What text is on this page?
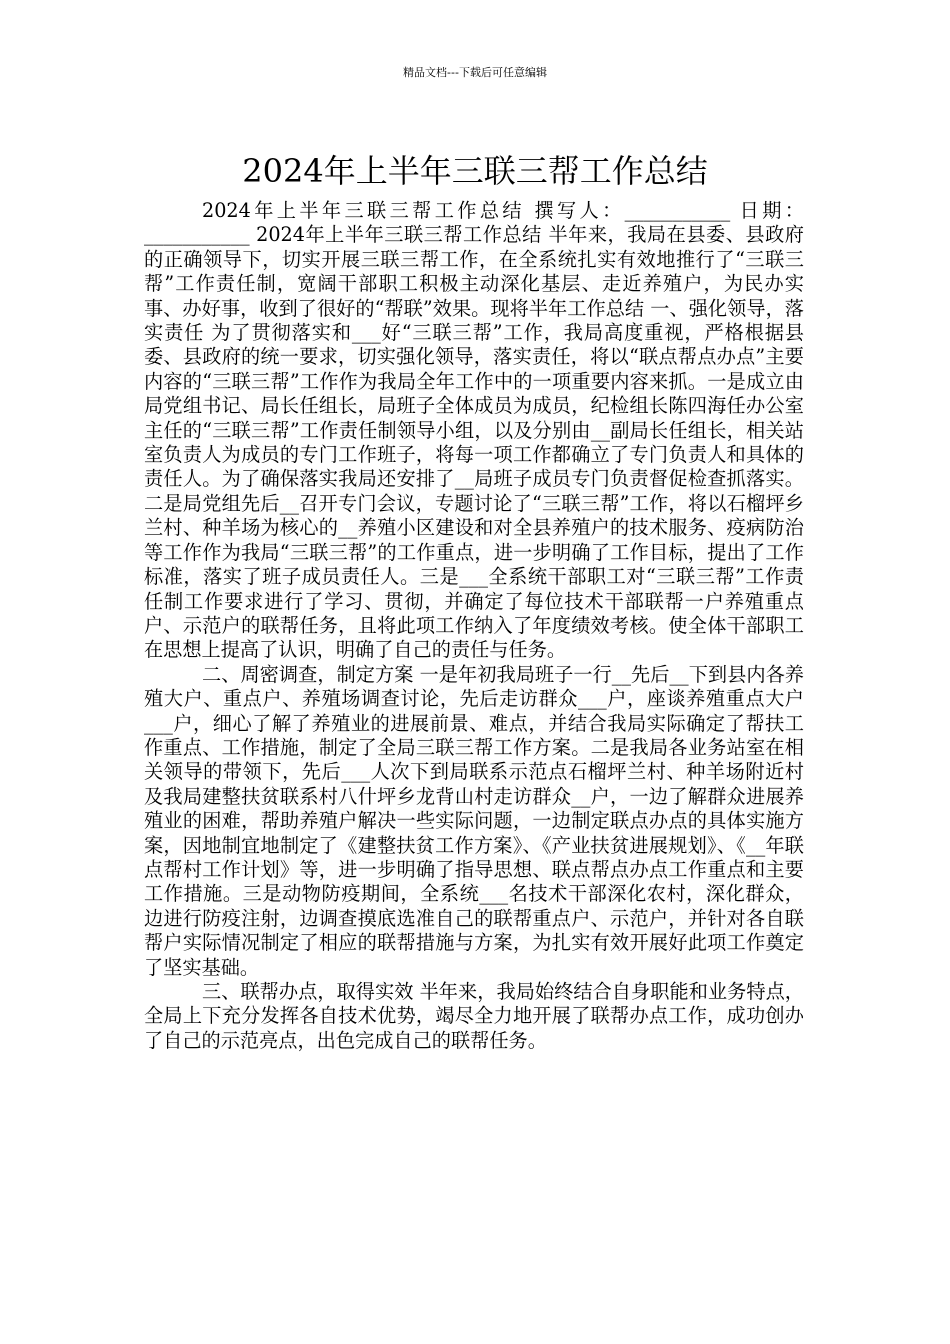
精品文档---下载后可任意编辑
2024年上半年三联三帮工作总结

2024年上半年三联三帮工作总结 撰写人：___________ 日期：___________ 2024年上半年三联三帮工作总结 半年来，我局在县委、县政府的正确领导下，切实开展三联三帮工作，在全系统扎实有效地推行了“三联三帮”工作责任制，宽阔干部职工积极主动深化基层、走近养殖户，为民办实事、办好事，收到了很好的“帮联”效果。现将半年工作总结 一、强化领导，落实责任 为了贯彻落实和___好“三联三帮”工作，我局高度重视，严格根据县委、县政府的统一要求，切实强化领导，落实责任，将以“联点帮点办点”主要内容的“三联三帮”工作作为我局全年工作中的一项重要内容来抓。一是成立由局党组书记、局长任组长，局班子全体成员为成员，纪检组长陈四海任办公室主任的“三联三帮”工作责任制领导小组，以及分别由__副局长任组长，相关站室负责人为成员的专门工作班子，将每一项工作都确立了专门负责人和具体的责任人。为了确保落实我局还安排了__局班子成员专门负责督促检查抓落实。二是局党组先后__召开专门会议，专题讨论了“三联三帮”工作，将以石榴坪乡兰村、种羊场为核心的__养殖小区建设和对全县养殖户的技术服务、疫病防治等工作作为我局“三联三帮”的工作重点，进一步明确了工作目标，提出了工作标准，落实了班子成员责任人。三是___全系统干部职工对“三联三帮”工作责任制工作要求进行了学习、贯彻，并确定了每位技术干部联帮一户养殖重点户、示范户的联帮任务，且将此项工作纳入了年度绩效考核。使全体干部职工在思想上提高了认识，明确了自己的责任与任务。

二、周密调查，制定方案 一是年初我局班子一行__先后__下到县内各养殖大户、重点户、养殖场调查讨论，先后走访群众___户，座谈养殖重点大户___户，细心了解了养殖业的进展前景、难点，并结合我局实际确定了帮扶工作重点、工作措施，制定了全局三联三帮工作方案。二是我局各业务站室在相关领导的带领下，先后___人次下到局联系示范点石榴坪兰村、种羊场附近村及我局建整扶贫联系村八什坪乡龙背山村走访群众__户，一边了解群众进展养殖业的困难，帮助养殖户解决一些实际问题，一边制定联点办点的具体实施方案，因地制宜地制定了《建整扶贫工作方案》、《产业扶贫进展规划》、《__年联点帮村工作计划》等，进一步明确了指导思想、联点帮点办点工作重点和主要工作措施。三是动物防疫期间，全系统___名技术干部深化农村，深化群众，边进行防疫注射，边调查摸底选准自己的联帮重点户、示范户，并针对各自联帮户实际情况制定了相应的联帮措施与方案，为扎实有效开展好此项工作奠定了坚实基础。

三、联帮办点，取得实效 半年来，我局始终结合自身职能和业务特点，全局上下充分发挥各自技术优势，竭尽全力地开展了联帮办点工作，成功创办了自己的示范亮点，出色完成自己的联帮任务。
